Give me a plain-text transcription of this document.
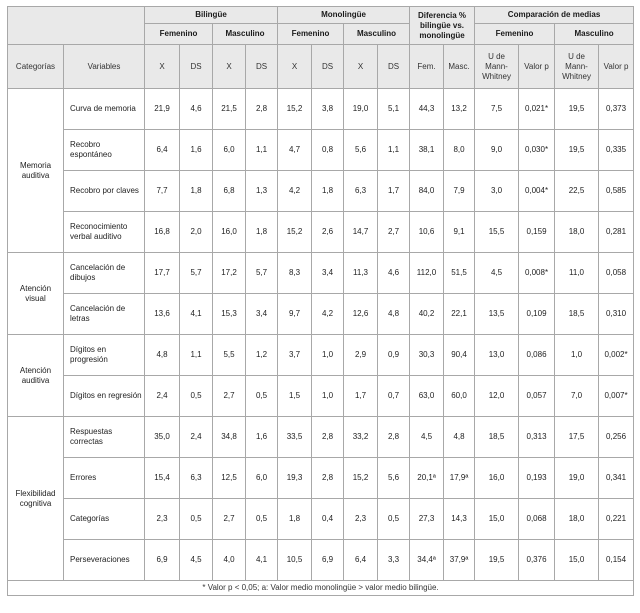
		Bilingüe				Monolingüe				Diferencia % bilingüe vs. monolingüe		Comparación de medias			
		Femenino		Masculino		Femenino		Masculino				Femenino		Masculino	
Categorías	Variables	X	DS	X	DS	X	DS	X	DS	Fem.	Masc.	U de Mann-Whitney	Valor p	U de Mann-Whitney	Valor p
Memoria auditiva	Curva de memoria	21,9	4,6	21,5	2,8	15,2	3,8	19,0	5,1	44,3	13,2	7,5	0,021*	19,5	0,373
	Recobro espontáneo	6,4	1,6	6,0	1,1	4,7	0,8	5,6	1,1	38,1	8,0	9,0	0,030*	19,5	0,335
	Recobro por claves	7,7	1,8	6,8	1,3	4,2	1,8	6,3	1,7	84,0	7,9	3,0	0,004*	22,5	0,585
	Reconocimiento verbal auditivo	16,8	2,0	16,0	1,8	15,2	2,6	14,7	2,7	10,6	9,1	15,5	0,159	18,0	0,281
Atención visual	Cancelación de dibujos	17,7	5,7	17,2	5,7	8,3	3,4	11,3	4,6	112,0	51,5	4,5	0,008*	11,0	0,058
	Cancelación de letras	13,6	4,1	15,3	3,4	9,7	4,2	12,6	4,8	40,2	22,1	13,5	0,109	18,5	0,310
Atención auditiva	Dígitos en progresión	4,8	1,1	5,5	1,2	3,7	1,0	2,9	0,9	30,3	90,4	13,0	0,086	1,0	0,002*
	Dígitos en regresión	2,4	0,5	2,7	0,5	1,5	1,0	1,7	0,7	63,0	60,0	12,0	0,057	7,0	0,007*
Flexibilidad cognitiva	Respuestas correctas	35,0	2,4	34,8	1,6	33,5	2,8	33,2	2,8	4,5	4,8	18,5	0,313	17,5	0,256
	Errores	15,4	6,3	12,5	6,0	19,3	2,8	15,2	5,6	20,1ª	17,9ª	16,0	0,193	19,0	0,341
	Categorías	2,3	0,5	2,7	0,5	1,8	0,4	2,3	0,5	27,3	14,3	15,0	0,068	18,0	0,221
	Perseveraciones	6,9	4,5	4,0	4,1	10,5	6,9	6,4	3,3	34,4ª	37,9ª	19,5	0,376	15,0	0,154
* Valor p < 0,05; a: Valor medio monolingüe > valor medio bilingüe.															
